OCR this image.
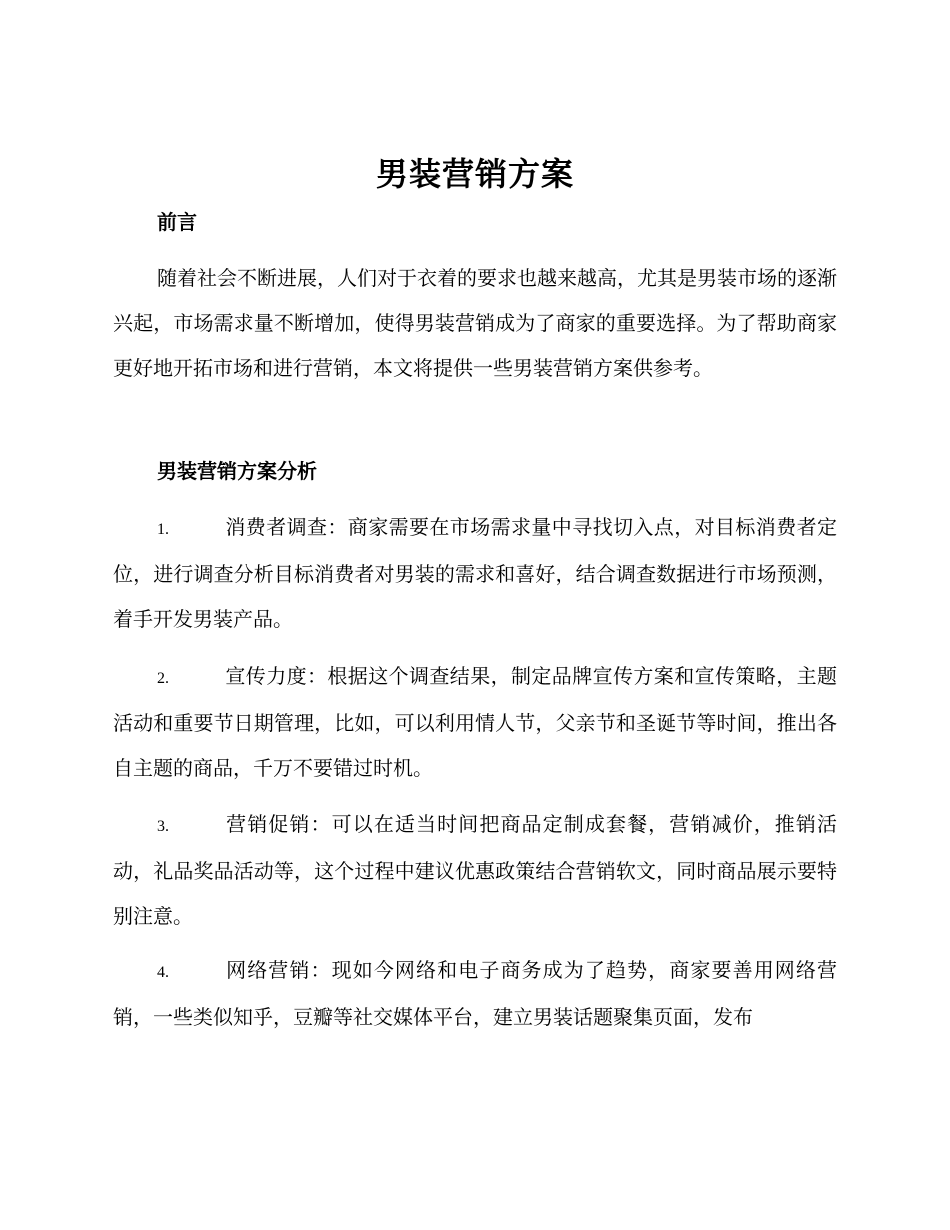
男装营销方案
前言

随着社会不断进展，人们对于衣着的要求也越来越高，尤其是男装市场的逐渐兴起，市场需求量不断增加，使得男装营销成为了商家的重要选择。为了帮助商家更好地开拓市场和进行营销，本文将提供一些男装营销方案供参考。

男装营销方案分析

1.	消费者调查：商家需要在市场需求量中寻找切入点，对目标消费者定位，进行调查分析目标消费者对男装的需求和喜好，结合调查数据进行市场预测，着手开发男装产品。

2.	宣传力度：根据这个调查结果，制定品牌宣传方案和宣传策略，主题活动和重要节日期管理，比如，可以利用情人节，父亲节和圣诞节等时间，推出各自主题的商品，千万不要错过时机。

3.	营销促销：可以在适当时间把商品定制成套餐，营销减价，推销活动，礼品奖品活动等，这个过程中建议优惠政策结合营销软文，同时商品展示要特别注意。

4.	网络营销：现如今网络和电子商务成为了趋势，商家要善用网络营销，一些类似知乎，豆瓣等社交媒体平台，建立男装话题聚集页面，发布
